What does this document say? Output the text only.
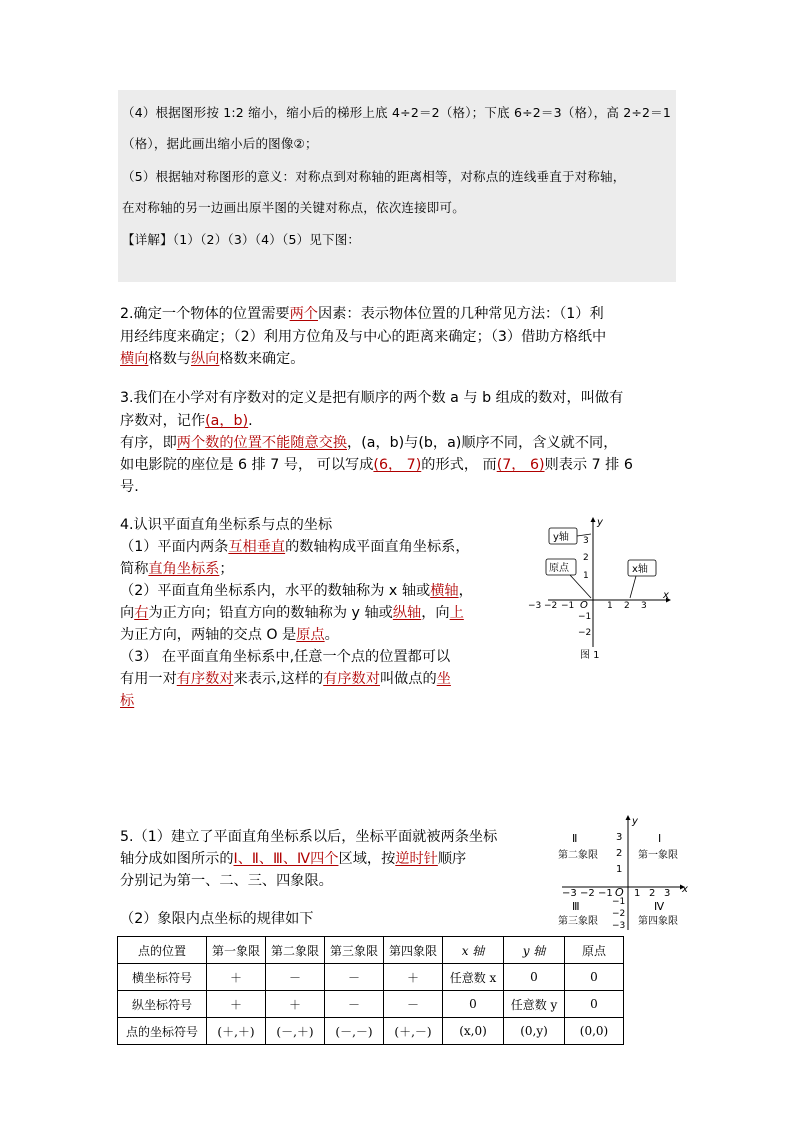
（4）根据图形按 1:2 缩小，缩小后的梯形上底 4÷2＝2（格）；下底 6÷2＝3（格），高 2÷2＝1
（格），据此画出缩小后的图像②；
（5）根据轴对称图形的意义：对称点到对称轴的距离相等，对称点的连线垂直于对称轴，
在对称轴的另一边画出原半图的关键对称点，依次连接即可。
【详解】（1）（2）（3）（4）（5）见下图：
2.确定一个物体的位置需要两个因素：表示物体位置的几种常见方法：（1）利
用经纬度来确定；（2）利用方位角及与中心的距离来确定；（3）借助方格纸中
横向格数与纵向格数来确定。
3.我们在小学对有序数对的定义是把有顺序的两个数 a 与 b 组成的数对，叫做有
序数对，记作(a，b).
有序，即两个数的位置不能随意交换，(a，b)与(b，a)顺序不同，含义就不同，
如电影院的座位是 6 排 7 号， 可以写成(6， 7)的形式， 而(7， 6)则表示 7 排 6
号.
4.认识平面直角坐标系与点的坐标
（1）平面内两条互相垂直的数轴构成平面直角坐标系，
简称直角坐标系；
（2）平面直角坐标系内，水平的数轴称为 x 轴或横轴，
向右为正方向；铅直方向的数轴称为 y 轴或纵轴，向上
为正方向，两轴的交点 O 是原点。
（3） 在平面直角坐标系中,任意一个点的位置都可以
有用一对有序数对来表示,这样的有序数对叫做点的坐
标
y
x
O
−3 −2 −1	1 2 3
3
2
1
−1
−2
y轴
原点	x轴
图 1
5.（1）建立了平面直角坐标系以后，坐标平面就被两条坐标
轴分成如图所示的Ⅰ、Ⅱ、Ⅲ、Ⅳ四个区域，按逆时针顺序
分别记为第一、二、三、四象限。
（2）象限内点坐标的规律如下
y
x
O
−3 −2 −1 1 2 3
3
2
1
−1
−2
−3
Ⅱ
第二象限
Ⅰ
第一象限
Ⅲ
第三象限
Ⅳ
第四象限
点的位置	第一象限	第二象限	第三象限	第四象限	x 轴	y 轴	原点
横坐标符号	＋	－	－	＋	任意数 x	0	0
纵坐标符号	＋	＋	－	－	0	任意数 y	0
点的坐标符号	(＋,＋)	(－,＋)	(－,－)	(＋,－)	(x,0)	(0,y)	(0,0)
